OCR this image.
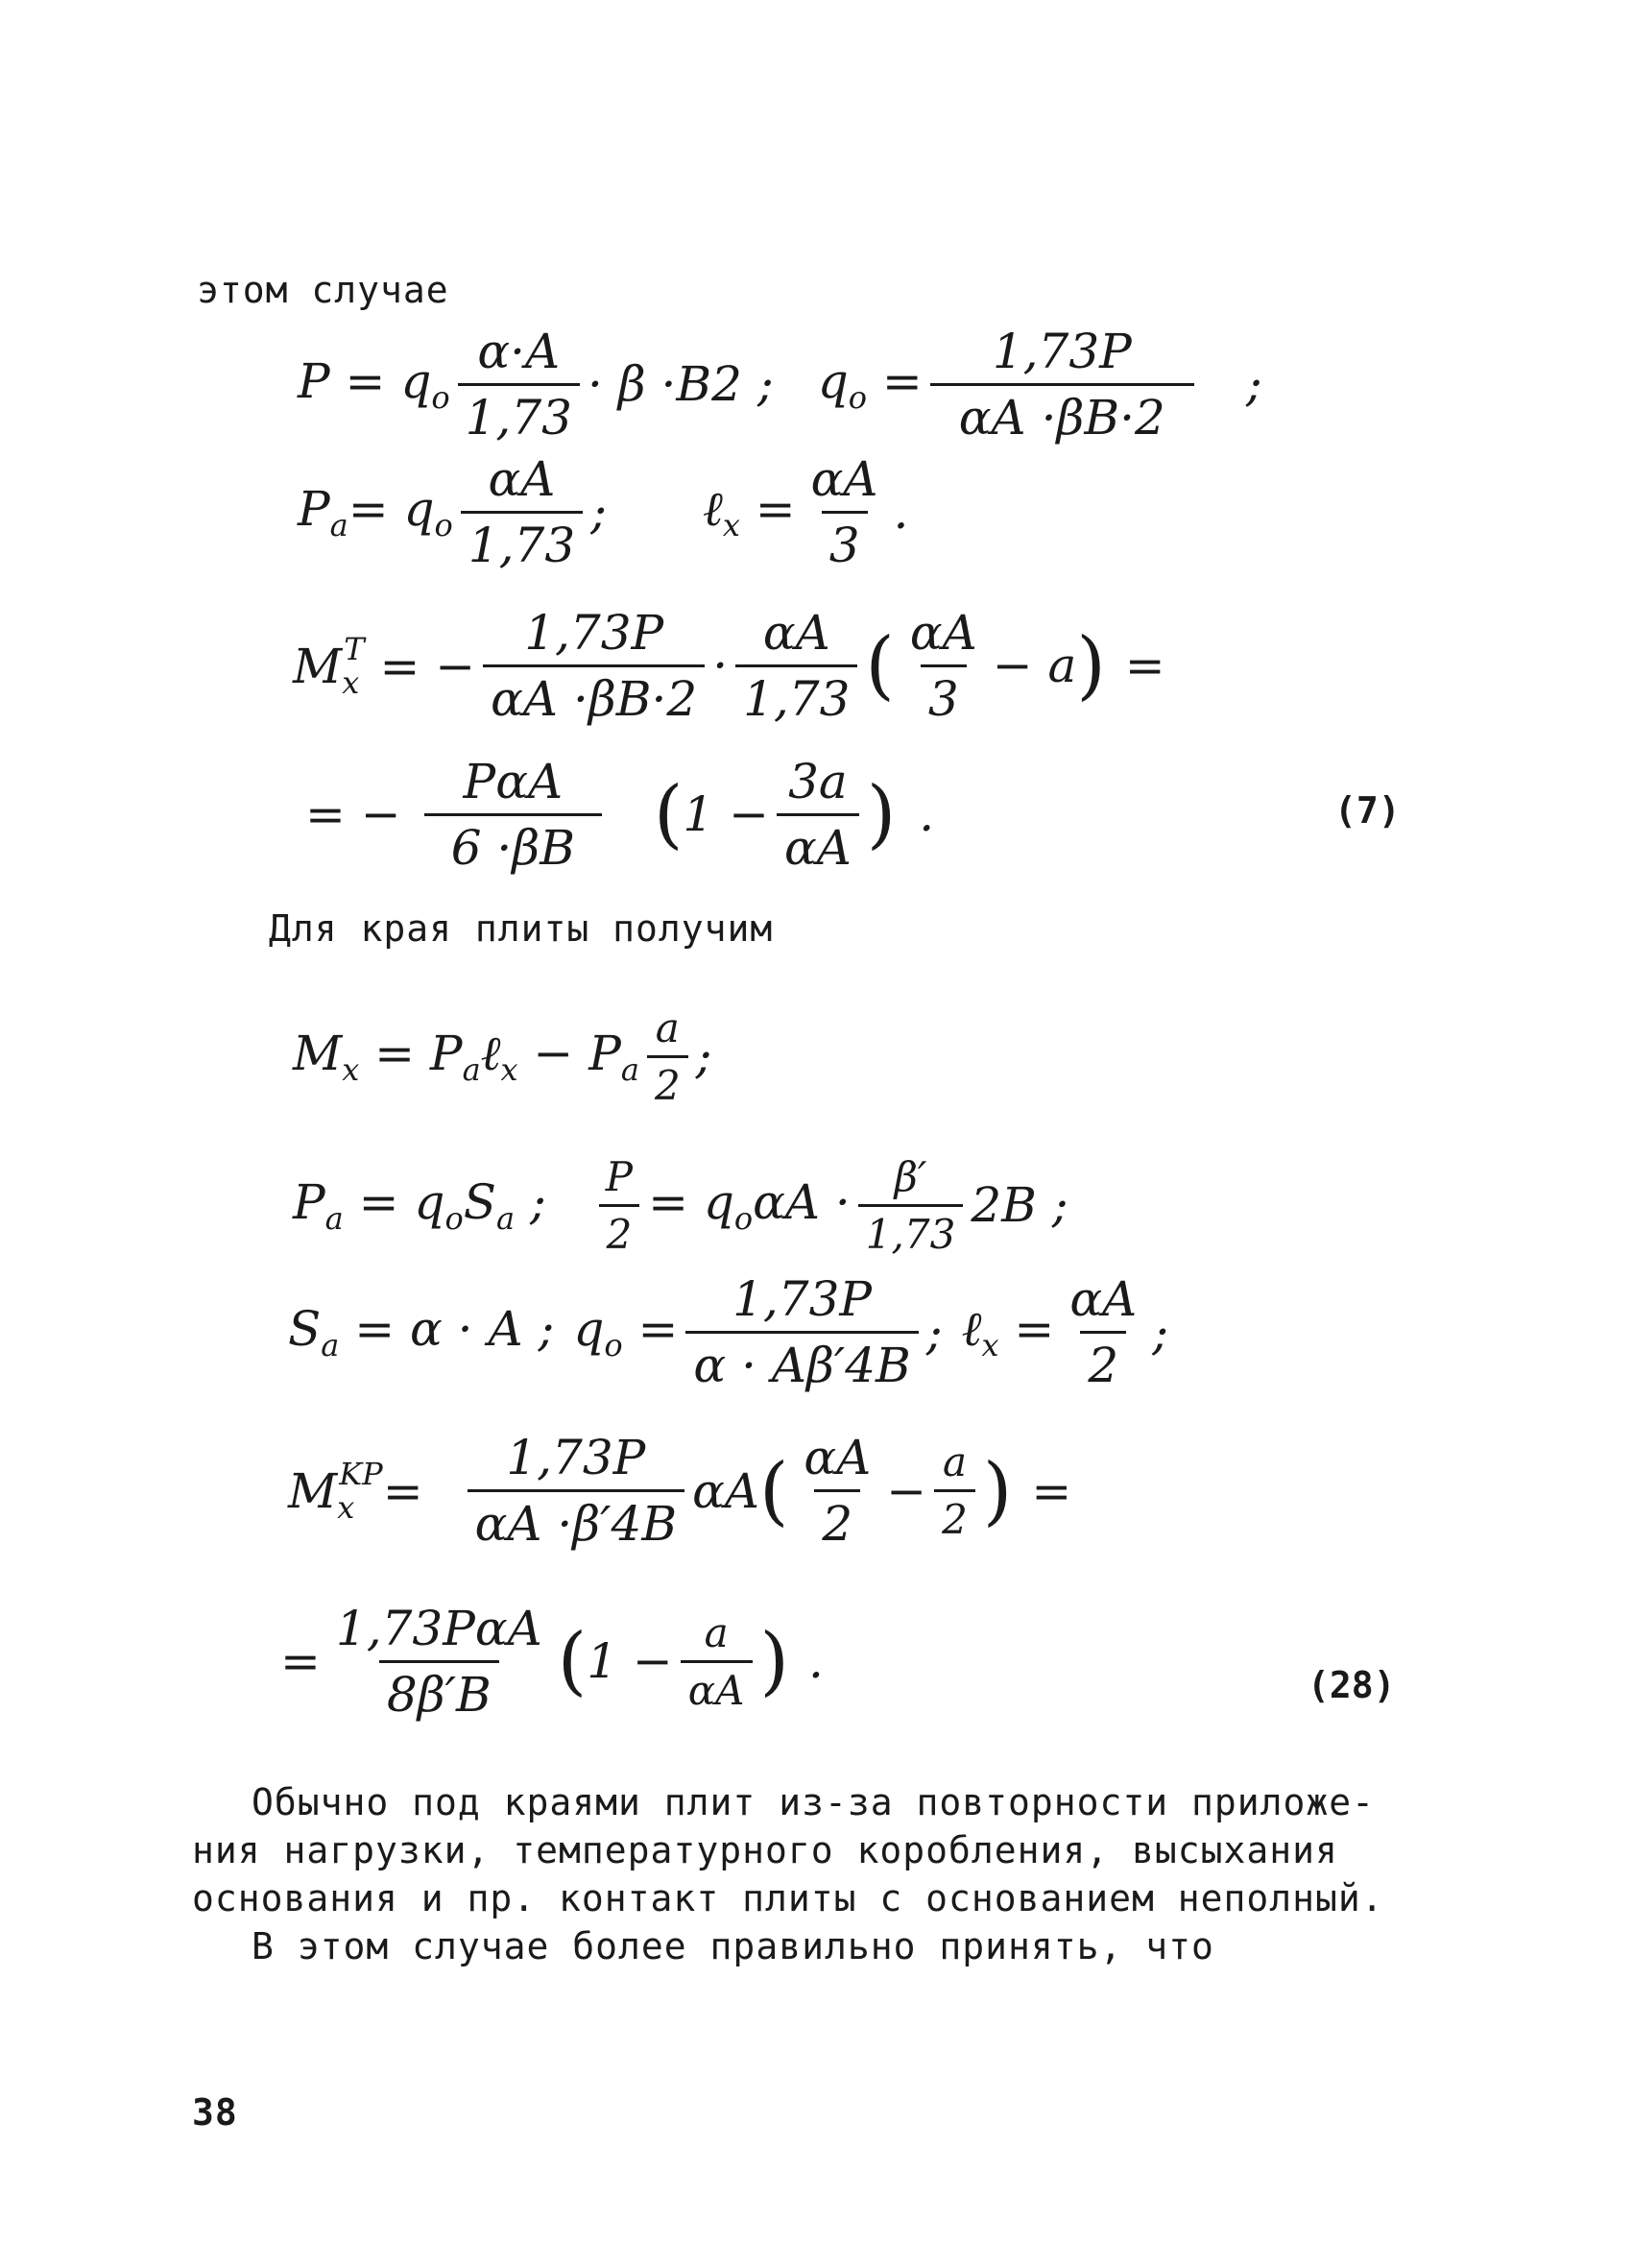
этом случае
$P = q_o \frac{\alpha\cdot A}{1,73} \cdot \beta \cdot B2$ ; $q_o = \frac{1,73P}{\alpha A \cdot\beta B\cdot 2}$ ;
$P_a= q_o \frac{\alpha A}{1,73}$ ; ℓ$_x$ = $\frac{\alpha A}{3}$ .
$M_x^T$ = − $\frac{1,73P}{\alpha A \cdot\beta B\cdot 2} \cdot \frac{\alpha A}{1,73}$ ( $\frac{\alpha A}{3} - a$ ) =
= − $\frac{\text{PαA}}{6 \cdot\beta B}$ ( $1 - \frac{3a}{\alpha A}$ ) .	(7)
Для края плиты получим
$M_x$ = $P_a\ell_x - P_a \frac{a}{2}$ ;
$P_a = q_oS_a$ ; $\frac{P}{2} = q_o\alpha A \cdot \frac{\beta'}{1,73} 2B$ ;
$S_a = \alpha \cdot A$ ; $q_o = \frac{1,73P}{\alpha \cdot A\beta'4B}$ ; ℓ$_x$ = $\frac{\alpha A}{2}$ ;
$M_x^{KP}= \frac{1,73P}{\alpha A \cdot\beta'4B}$ αA ( $\frac{\alpha A}{2} - \frac{a}{2}$ ) =
= $\frac{\text{1,73PαA}}{8\beta'B}$ ( $1 - \frac{a}{\alpha A}$ ) .	(28)
Обычно под краями плит из-за повторности приложе-
ния нагрузки, температурного коробления, высыхания
основания и пр. контакт плиты с основанием неполный.
В этом случае более правильно принять, что
38
